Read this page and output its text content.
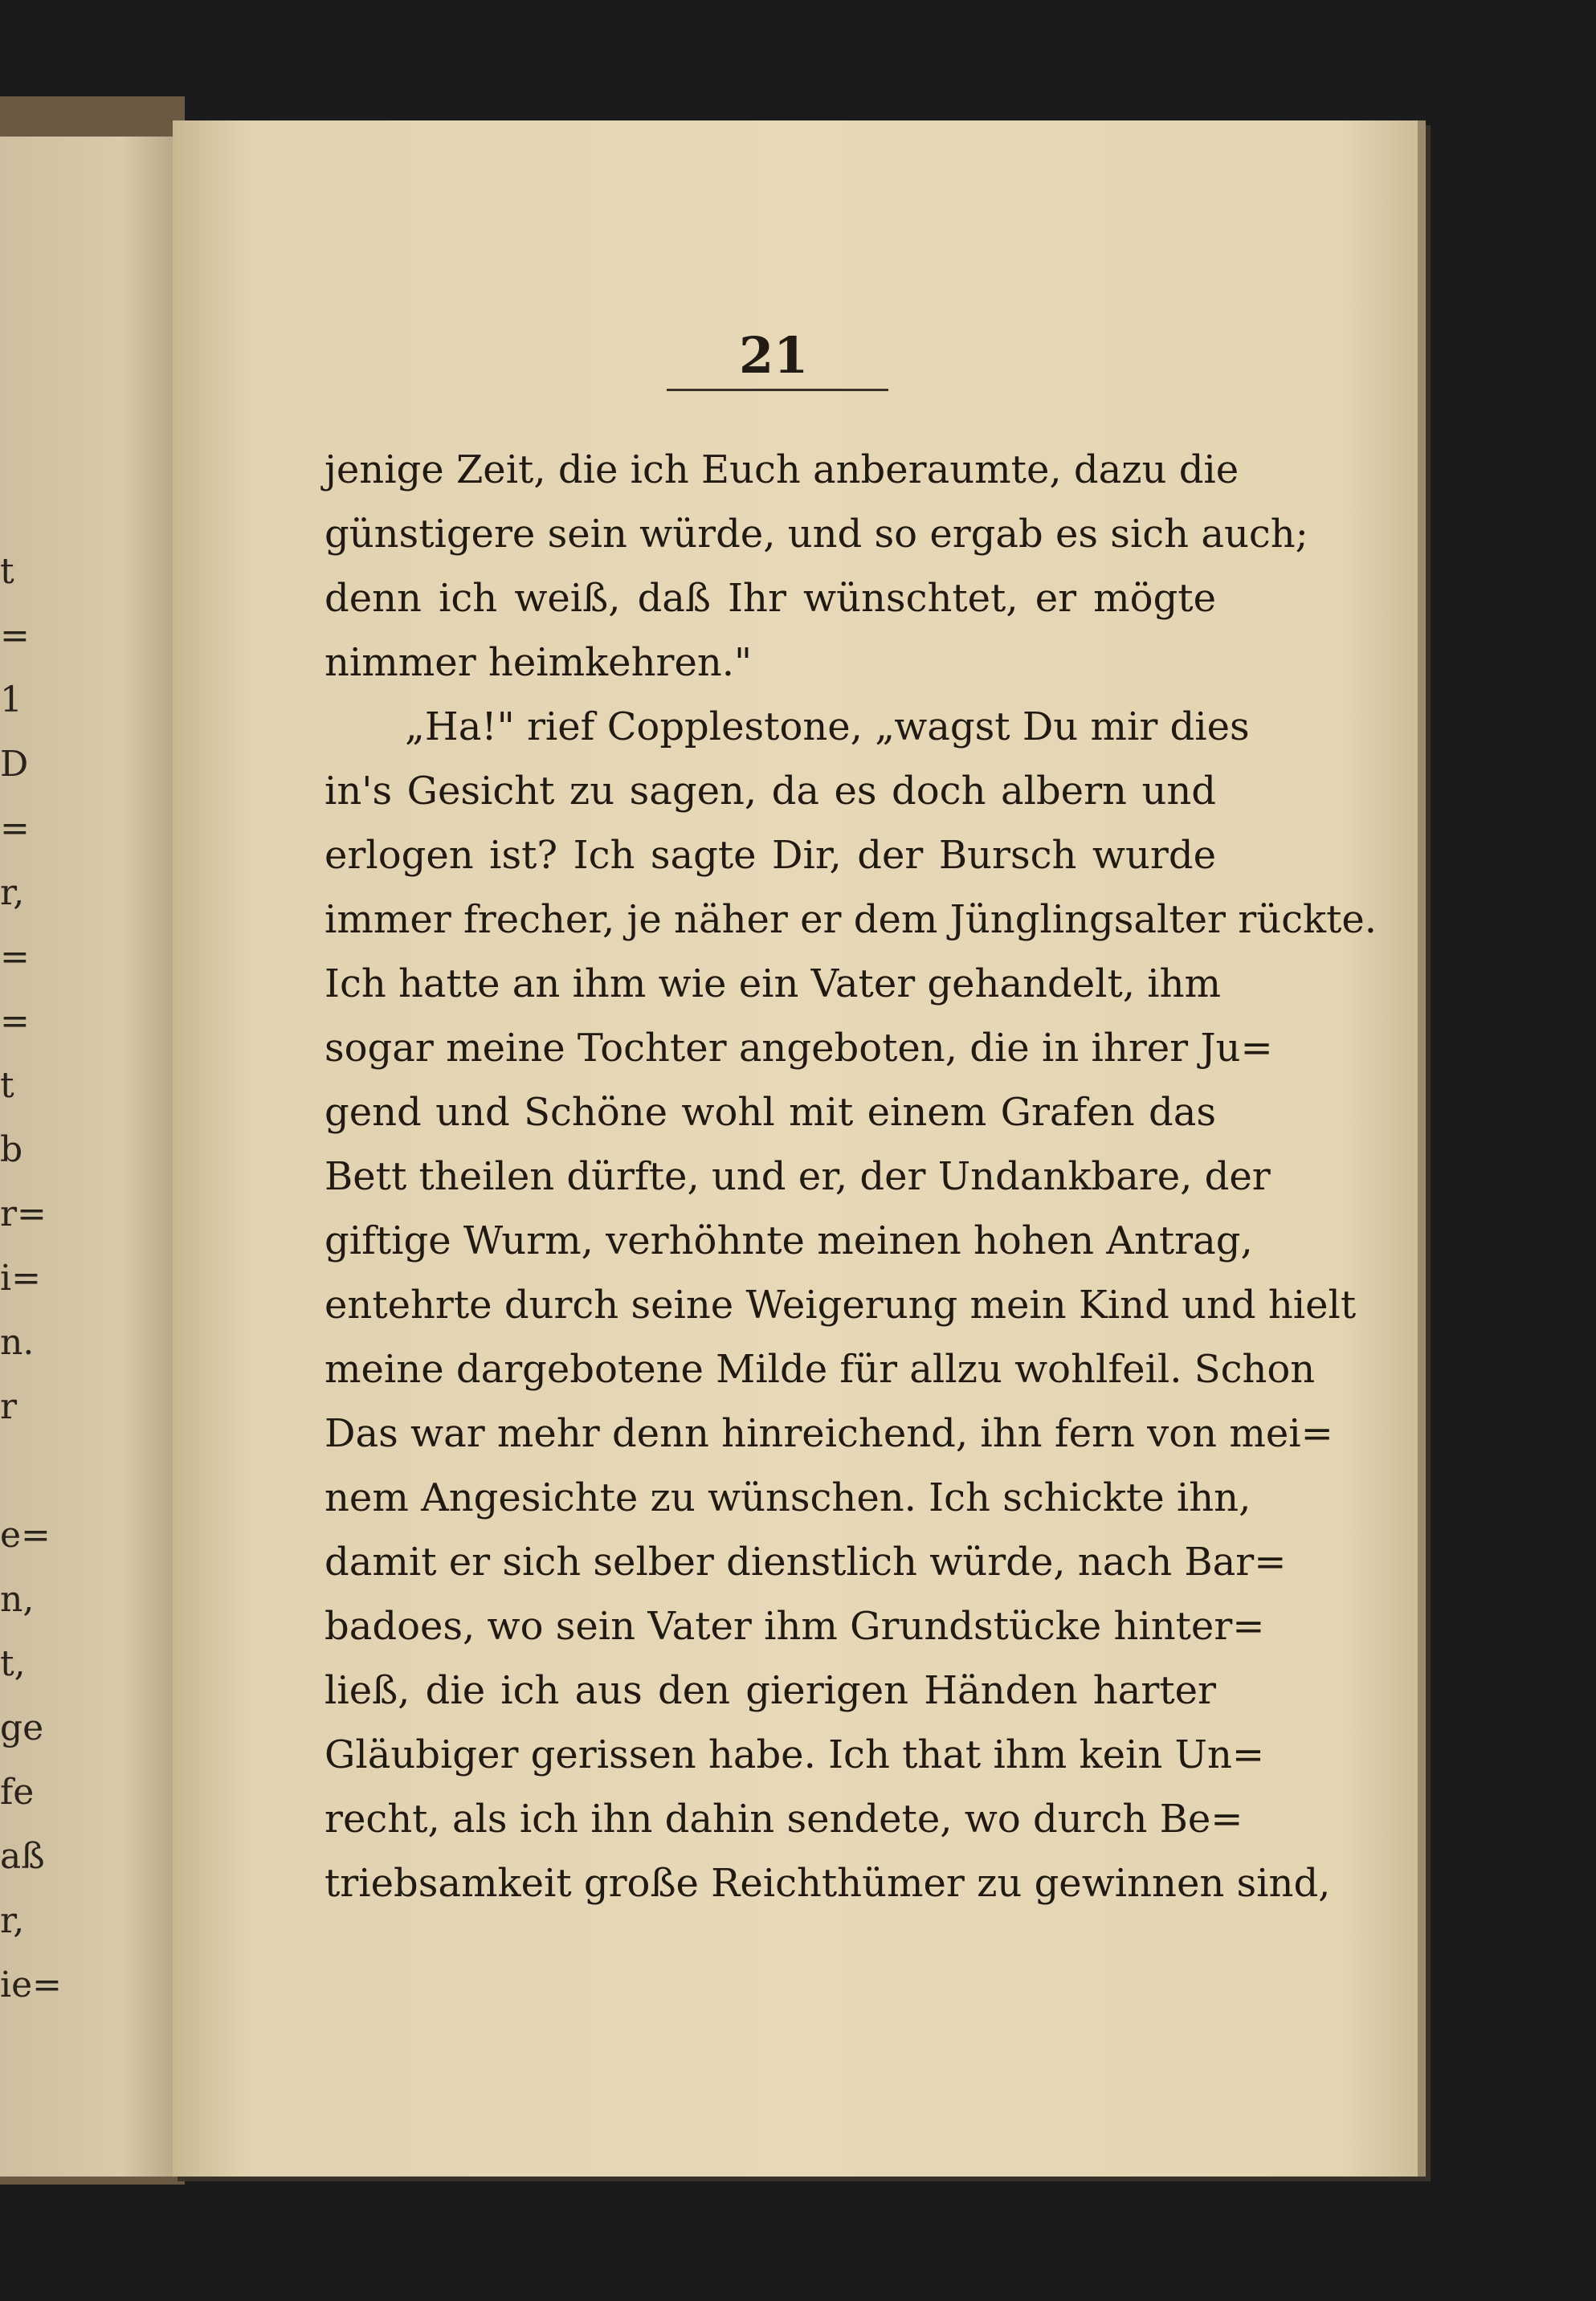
t
=
1
D
=
r,
=
=
t
b
r=
i=
n.
r
e=
n,
t,
ge
fe
aß
r,
ie=
21
jenige Zeit, die ich Euch anberaumte, dazu die
günstigere sein würde, und so ergab es sich auch;
denn ich weiß, daß Ihr wünschtet, er mögte
nimmer heimkehren."
„Ha!" rief Copplestone, „wagst Du mir dies
in's Gesicht zu sagen, da es doch albern und
erlogen ist? Ich sagte Dir, der Bursch wurde
immer frecher, je näher er dem Jünglingsalter rückte.
Ich hatte an ihm wie ein Vater gehandelt, ihm
sogar meine Tochter angeboten, die in ihrer Ju=
gend und Schöne wohl mit einem Grafen das
Bett theilen dürfte, und er, der Undankbare, der
giftige Wurm, verhöhnte meinen hohen Antrag,
entehrte durch seine Weigerung mein Kind und hielt
meine dargebotene Milde für allzu wohlfeil. Schon
Das war mehr denn hinreichend, ihn fern von mei=
nem Angesichte zu wünschen. Ich schickte ihn,
damit er sich selber dienstlich würde, nach Bar=
badoes, wo sein Vater ihm Grundstücke hinter=
ließ, die ich aus den gierigen Händen harter
Gläubiger gerissen habe. Ich that ihm kein Un=
recht, als ich ihn dahin sendete, wo durch Be=
triebsamkeit große Reichthümer zu gewinnen sind,
